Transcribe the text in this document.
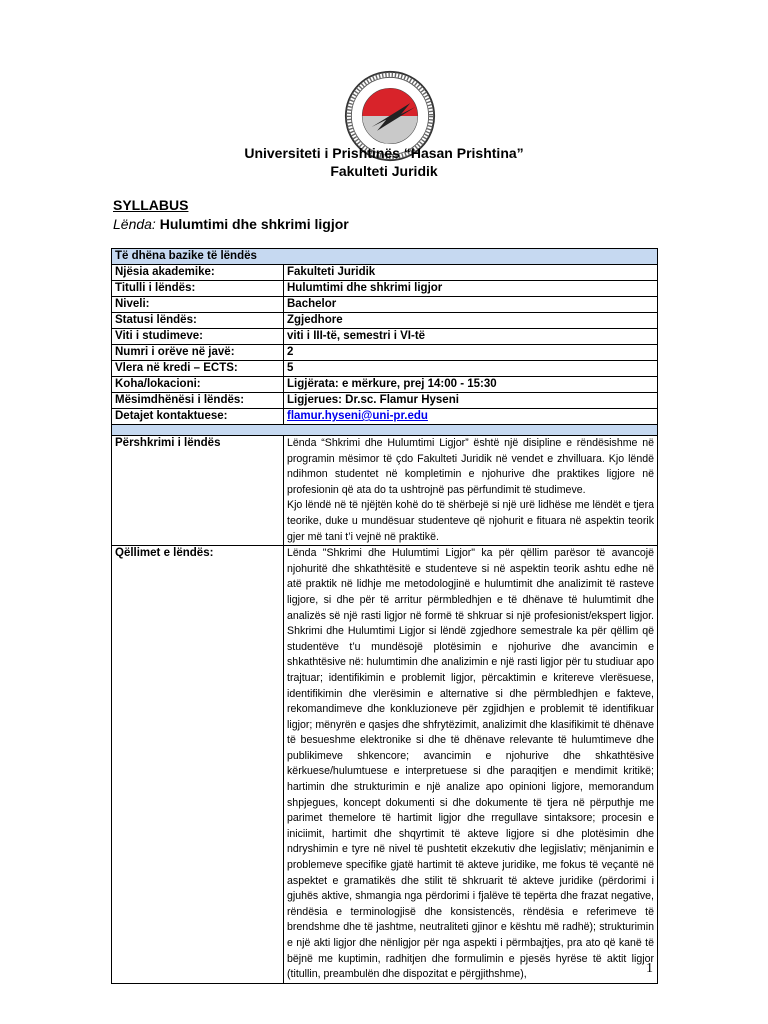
Universiteti i Prishtinës “Hasan Prishtina”
Fakulteti Juridik
SYLLABUS
Lënda: Hulumtimi dhe shkrimi ligjor
Të dhëna bazike të lëndës	
Njësia akademike:	Fakulteti Juridik
Titulli i lëndës:	Hulumtimi dhe shkrimi ligjor
Niveli:	Bachelor
Statusi lëndës:	Zgjedhore
Viti i studimeve:	viti i III-të, semestri i VI-të
Numri i orëve në javë:	2
Vlera në kredi – ECTS:	5
Koha/lokacioni:	Ligjërata: e mërkure, prej 14:00 - 15:30
Mësimdhënësi i lëndës:	Ligjerues: Dr.sc. Flamur Hyseni
Detajet kontaktuese:	flamur.hyseni@uni-pr.edu

Përshkrimi i lëndës	Lënda “Shkrimi dhe Hulumtimi Ligjor” është një disipline e rëndësishme në programin mësimor të çdo Fakulteti Juridik në vendet e zhvilluara. Kjo lëndë ndihmon studentet në kompletimin e njohurive dhe praktikes ligjore në profesionin që ata do ta ushtrojnë pas përfundimit të studimeve.
Kjo lëndë në të njëjtën kohë do të shërbejë si një urë lidhëse me lëndët e tjera teorike, duke u mundësuar studenteve që njohurit e fituara në aspektin teorik gjer më tani t’i vejnë në praktikë.

Qëllimet e lëndës:	Lënda "Shkrimi dhe Hulumtimi Ligjor" ka për qëllim parësor të avancojë njohuritë dhe shkathtësitë e studenteve si në aspektin teorik ashtu edhe në atë praktik në lidhje me metodologjinë e hulumtimit dhe analizimit të rasteve ligjore, si dhe për të arritur përmbledhjen e të dhënave të hulumtimit dhe analizës së një rasti ligjor në formë të shkruar si një profesionist/ekspert ligjor. Shkrimi dhe Hulumtimi Ligjor si lëndë zgjedhore semestrale ka për qëllim që studentëve t’u mundësojë plotësimin e njohurive dhe avancimin e shkathtësive në: hulumtimin dhe analizimin e një rasti ligjor për tu studiuar apo trajtuar; identifikimin e problemit ligjor, përcaktimin e kritereve vlerësuese, identifikimin dhe vlerësimin e alternative si dhe përmbledhjen e fakteve, rekomandimeve dhe konkluzioneve për zgjidhjen e problemit të identifikuar ligjor; mënyrën e qasjes dhe shfrytëzimit, analizimit dhe klasifikimit të dhënave të besueshme elektronike si dhe të dhënave relevante të hulumtimeve dhe publikimeve shkencore; avancimin e njohurive dhe shkathtësive kërkuese/hulumtuese e interpretuese si dhe paraqitjen e mendimit kritikë; hartimin dhe strukturimin e një analize apo opinioni ligjore, memorandum shpjegues, koncept dokumenti si dhe dokumente të tjera në përputhje me parimet themelore të hartimit ligjor dhe rregullave sintaksore; procesin e iniciimit, hartimit dhe shqyrtimit të akteve ligjore si dhe plotësimin dhe ndryshimin e tyre në nivel të pushtetit ekzekutiv dhe legjislativ; mënjanimin e problemeve specifike gjatë hartimit të akteve juridike, me fokus të veçantë në aspektet e gramatikës dhe stilit të shkruarit të akteve juridike (përdorimi i gjuhës aktive, shmangia nga përdorimi i fjalëve të tepërta dhe frazat negative, rëndësia e terminologjisë dhe konsistencës, rëndësia e referimeve të brendshme dhe të jashtme, neutraliteti gjinor e kështu më radhë); strukturimin e një akti ligjor dhe nënligjor për nga aspekti i përmbajtjes, pra ato që kanë të bëjnë me kuptimin, radhitjen dhe formulimin e pjesës hyrëse të aktit ligjor (titullin, preambulën dhe dispozitat e përgjithshme),	1
